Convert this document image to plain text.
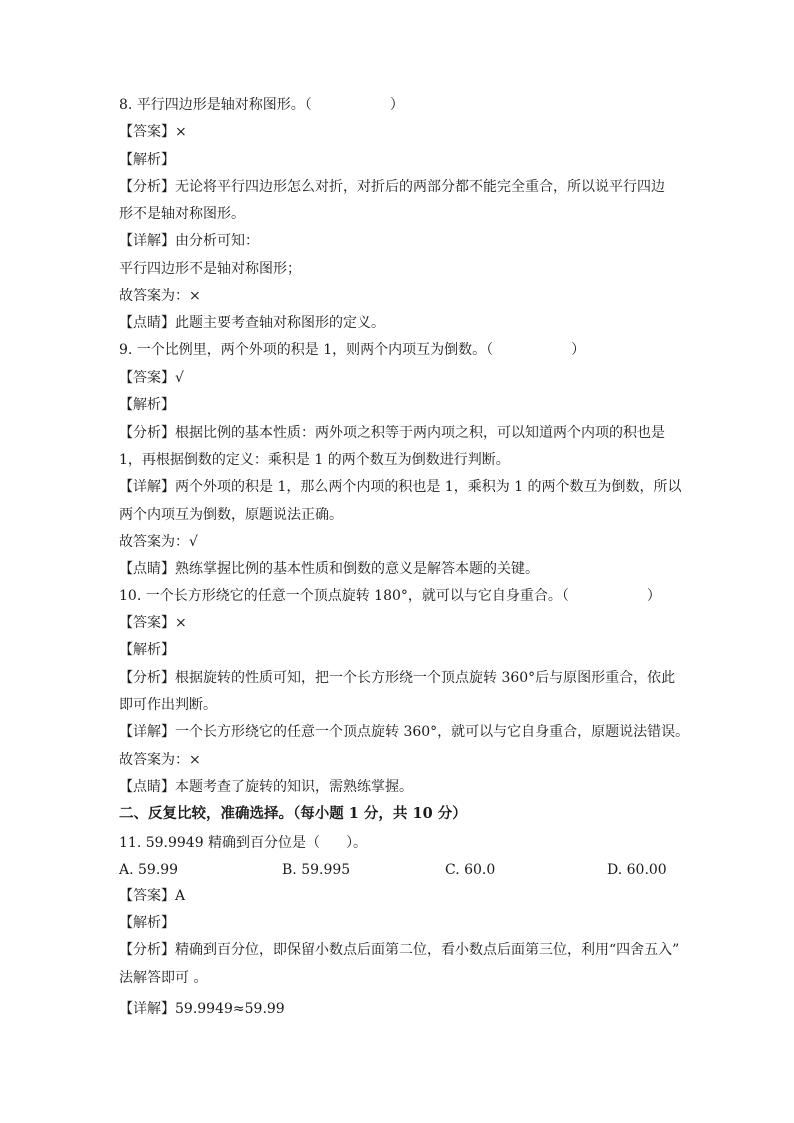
8. 平行四边形是轴对称图形。（	）
【答案】×
【解析】
【分析】无论将平行四边形怎么对折，对折后的两部分都不能完全重合，所以说平行四边
形不是轴对称图形。
【详解】由分析可知：
平行四边形不是轴对称图形；
故答案为：×
【点睛】此题主要考查轴对称图形的定义。
9. 一个比例里，两个外项的积是 1，则两个内项互为倒数。（	）
【答案】√
【解析】
【分析】根据比例的基本性质：两外项之积等于两内项之积，可以知道两个内项的积也是
1，再根据倒数的定义：乘积是 1 的两个数互为倒数进行判断。
【详解】两个外项的积是 1，那么两个内项的积也是 1，乘积为 1 的两个数互为倒数，所以
两个内项互为倒数，原题说法正确。
故答案为：√
【点睛】熟练掌握比例的基本性质和倒数的意义是解答本题的关键。
10. 一个长方形绕它的任意一个顶点旋转 180°，就可以与它自身重合。（	）
【答案】×
【解析】
【分析】根据旋转的性质可知，把一个长方形绕一个顶点旋转 360°后与原图形重合，依此
即可作出判断。
【详解】一个长方形绕它的任意一个顶点旋转 360°，就可以与它自身重合，原题说法错误。
故答案为：×
【点睛】本题考查了旋转的知识，需熟练掌握。
二、反复比较，准确选择。（每小题 1 分，共 10 分）
11. 59.9949 精确到百分位是（ ）。
A. 59.99	B. 59.995	C. 60.0	D. 60.00
【答案】A
【解析】
【分析】精确到百分位，即保留小数点后面第二位，看小数点后面第三位，利用“四舍五入”
法解答即可 。
【详解】59.9949≈59.99
